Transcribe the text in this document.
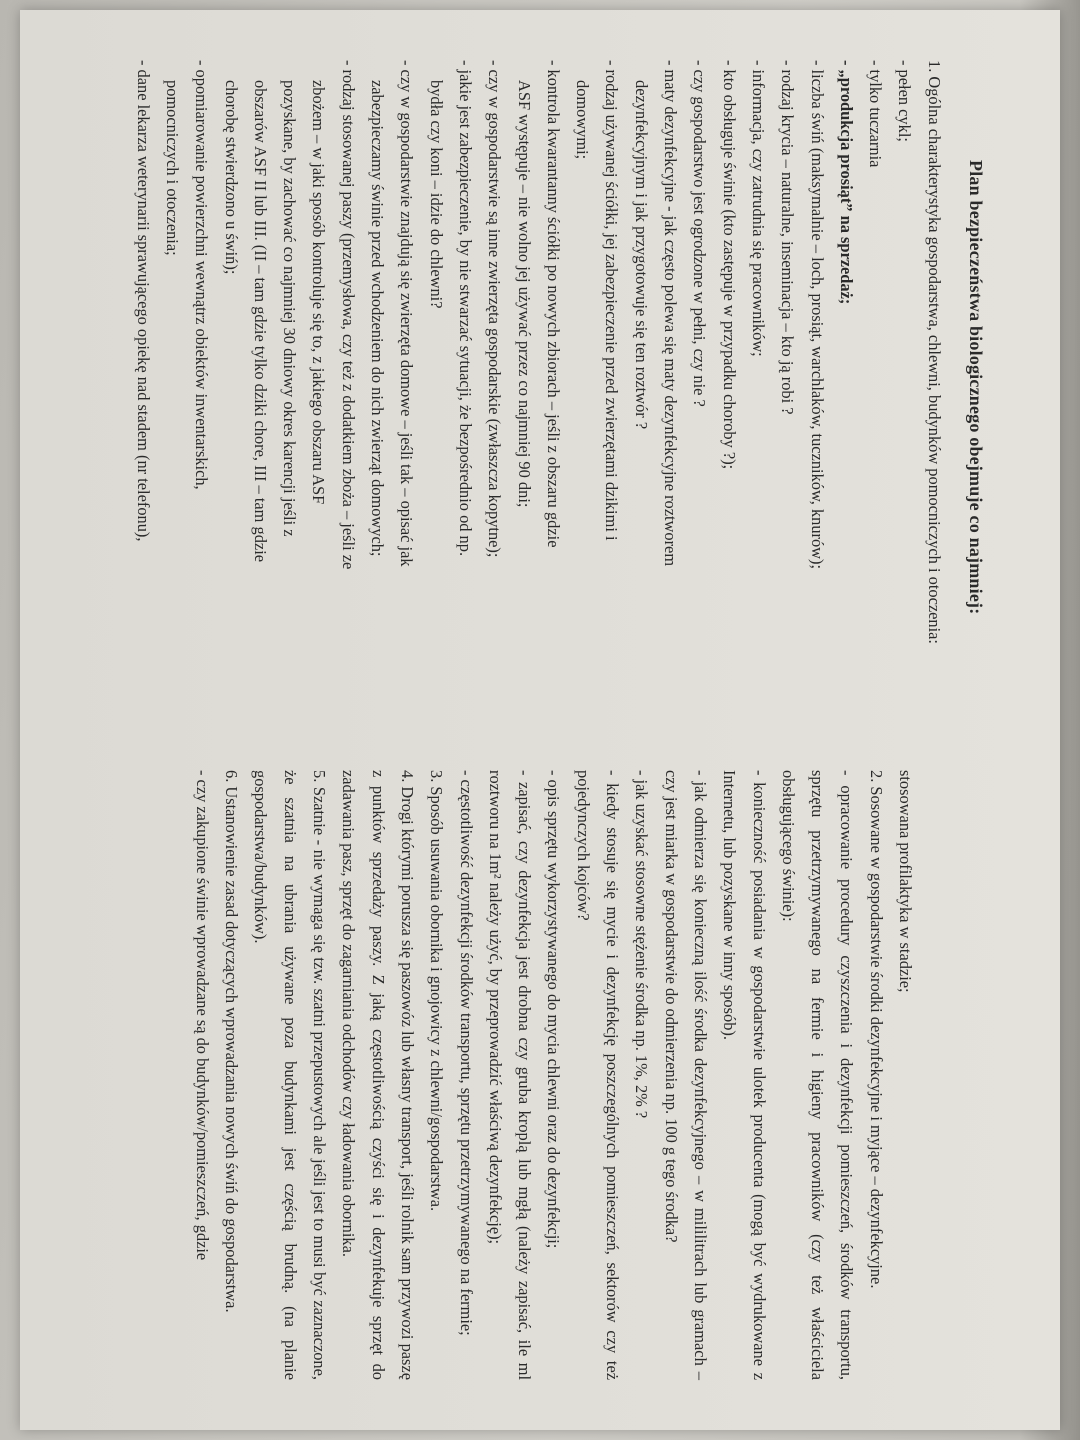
Plan bezpieczeństwa biologicznego obejmuje co najmniej:

1. Ogólna charakterystyka gospodarstwa, chlewni, budynków pomocniczych i otoczenia:

- pełen cykl;

- tylko tuczarnia

- „produkcja prosiąt” na sprzedaż;

- liczba świń (maksymalnie – loch, prosiąt, warchlaków, tuczników, knurów);

- rodzaj krycia – naturalne, inseminacja – kto ją robi ?

- informacja, czy zatrudnia się pracowników;

- kto obsługuje świnie (kto zastępuje w przypadku choroby ?);

- czy gospodarstwo jest ogrodzone w pełni, czy nie ?

- maty dezynfekcyjne - jak często polewa się maty dezynfekcyjne roztworem

dezynfekcyjnym i jak przygotowuje się ten roztwór ?

- rodzaj używanej ściółki, jej zabezpieczenie przed zwierzętami dzikimi i

domowymi;

- kontrola kwarantanny ściółki po nowych zbiorach – jeśli z obszaru gdzie

ASF występuje – nie wolno jej używać przez co najmniej 90 dni;

- czy w gospodarstwie są inne zwierzęta gospodarskie (zwłaszcza kopytne);

- jakie jest zabezpieczenie, by nie stwarzać sytuacji, że bezpośrednio od np.

bydła czy koni – idzie do chlewni?

- czy w gospodarstwie znajdują się zwierzęta domowe – jeśli tak – opisać jak

zabezpieczamy świnie przed wchodzeniem do nich zwierząt domowych;

- rodzaj stosowanej paszy (przemysłowa, czy też z dodatkiem zboża – jeśli ze

zbożem – w jaki sposób kontroluje się to, z jakiego obszaru ASF

pozyskane, by zachować co najmniej 30 dniowy okres karencji jeśli z

obszarów ASF II lub III. (II – tam gdzie tylko dziki chore, III – tam gdzie

chorobę stwierdzono u świń);

- opomiarowanie powierzchni wewnątrz obiektów inwentarskich,

pomocniczych i otoczenia;

- dane lekarza weterynarii sprawującego opiekę nad stadem (nr telefonu),

stosowana profilaktyka w stadzie;

2. Sosowane w gospodarstwie środki dezynfekcyjne i myjące – dezynfekcyjne.

- opracowanie procedury czyszczenia i dezynfekcji pomieszczeń, środków transportu, sprzętu przetrzymywanego na fermie i higieny pracowników (czy też właściciela obsługującego świnie):

- konieczność posiadania w gospodarstwie ulotek producenta (mogą być wydrukowane z Internetu, lub pozyskane w inny sposób).

- jak odmierza się konieczną ilość środka dezynfekcyjnego – w mililitrach lub gramach – czy jest miarka w gospodarstwie do odmierzenia np. 100 g tego środka?

- jak uzyskać stosowne stężenie środka np. 1%, 2% ?

- kiedy stosuje się mycie i dezynfekcję poszczególnych pomieszczeń, sektorów czy też pojedynczych kojców?

- opis sprzętu wykorzystywanego do mycia chlewni oraz do dezynfekcji;

- zapisać, czy dezynfekcja jest drobna czy gruba kroplą lub mgłą (należy zapisać, ile ml roztworu na 1m² należy użyć, by przeprowadzić właściwą dezynfekcję);

- częstotliwość dezynfekcji środków transportu, sprzętu przetrzymywanego na fermie;

3. Sposób usuwania obornika i gnojowicy z chlewni/gospodarstwa.

4. Drogi którymi porusza się paszowóz lub własny transport, jeśli rolnik sam przywozi paszę z punktów sprzedaży paszy. Z jaką częstotliwością czyści się i dezynfekuje sprzęt do zadawania pasz, sprzęt do zagarniania odchodów czy ładowania obornika.

5. Szatnie - nie wymaga się tzw. szatni przepustowych ale jeśli jest to musi być zaznaczone, że szatnia na ubrania używane poza budynkami jest częścią brudną. (na planie gospodarstwa/budynków).

6. Ustanowienie zasad dotyczących wprowadzania nowych świń do gospodarstwa.

- czy zakupione świnie wprowadzane są do budynków/pomieszczeń, gdzie
